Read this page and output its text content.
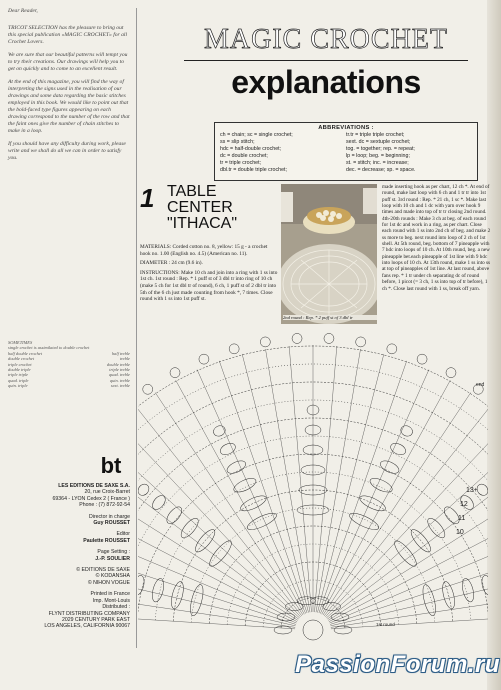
Dear Reader,

TRICOT SELECTION has the pleasure to bring out this special publication «MAGIC CROCHET» for all Crochet Lovers.

We are sure that our beautiful patterns will tempt you to try their creations. Our drawings will help you to get on quickly and to come to an excellent result.

At the end of this magazine, you will find the way of interpreting the signs used in the realisation of our drawings and some data regarding the basic stitches employed in this book. We would like to point out that the bold-faced type figures appearing on each drawing correspond to the number of the row and that the faint ones give the number of chain stitches to make in a loop.

If you should have any difficulty during work, please write and we shall do all we can in order to satisfy you.

SOMETIMES
single crochet is assimilated to double crochet
half double crochet	half treble
double crochet	treble
triple crochet	double treble
double triple	triple treble
triple triple	quad. treble
quad. triple	quin. treble
quin. triple	sext. treble
bt
LES EDITIONS DE SAXE S.A.
20, rue Croix-Barret
69364 - LYON Cedex 2 ( France )
Phone : (7) 872-92-54
Director in charge
Guy ROUSSET
Editor
Paulette ROUSSET
Page Setting :
J.-P. SOULIER
© EDITIONS DE SAXE
© KODANSHA
© NIHON VOGUE
Printed in France
Imp. Mont-Louis
Distributed :
FLYNT DISTRIBUTING COMPANY
2029 CENTURY PARK EAST
LOS ANGELES, CALIFORNIA 90067
MAGIC CROCHET
explanations
ABBREVIATIONS :
ch = chain; sc = single crochet;
ss = slip stitch;
hdc = half-double crochet;
dc = double crochet;
tr = triple crochet;
dbl.tr = double triple crochet;
tr.tr = triple triple crochet;
sext. dc = sextuple crochet;
tog. = together; rep. = repeat;
lp = loop; beg. = beginning;
st. = stitch; inc. = increase;
dec. = decrease; sp. = space.
1 TABLE
CENTER
"ITHACA"
2nd round : Rep. * 2 puff st of 3 dbl tr

MATERIALS: Corded cotton no. 8, yellow: 15 g - a crochet hook no. 1.00 (English no. 4.5) (American no. 11).

DIAMETER : 24 cm (9.6 in).

INSTRUCTIONS: Make 10 ch and join into a ring with 1 ss into 1st ch. 1st round : Rep. * 1 puff st of 3 dbl tr into ring of 10 ch (make 5 ch for 1st dbl tr of round), 6 ch, 1 puff st of 2 dbl tr into 5th of the 6 ch just made counting from hook *, 7 times. Close round with 1 ss into 1st puff st.

made inserting hook as per chart, 12 ch *. At end of round, make last loop with 6 ch and 1 tr tr into 1st puff st. 3rd round : Rep. * 21 ch, 1 sc *. Make last loop with 10 ch and 1 dc with yarn over hook 9 times and made into top of tr tr closing 2nd round. 4th-20th rounds : Make 3 ch at beg. of each round for 1st dc and work in a ring, as per chart. Close each round with 1 ss into 2nd ch of beg. and make 2 ss more to beg. next round into loop of 2 ch of 1st shell. At 5th round, beg. bottom of 7 pineapple with 7 hdc into loops of 10 ch. At 10th round, beg. a new pineapple bet.each pineapple of 1st line with 9 hdc into loops of 10 ch. At 13th round, make 1 ss into ss at top of pineapples of 1st line. At last round, above fans rep. * 1 tr under ch separating dc of round before, 1 picot (= 3 ch, 1 ss into top of tr before), 1 ch *. Close last round with 1 ss, break off yarn.
10
11
12
13+
1st round
end
PassionForum.ru
